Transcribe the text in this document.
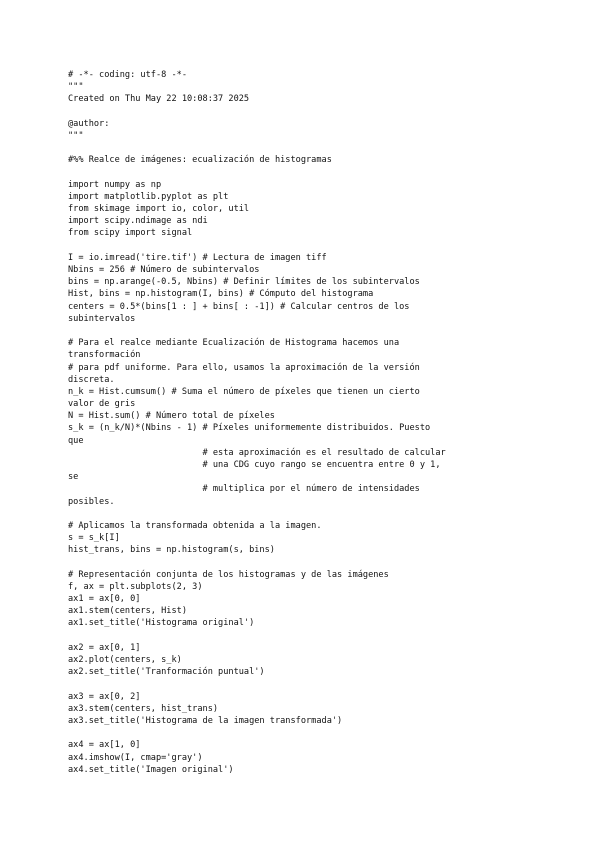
# -*- coding: utf-8 -*-
"""
Created on Thu May 22 10:08:37 2025
@author:
"""
#%% Realce de imágenes: ecualización de histogramas
import numpy as np
import matplotlib.pyplot as plt
from skimage import io, color, util
import scipy.ndimage as ndi
from scipy import signal
I = io.imread('tire.tif') # Lectura de imagen tiff
Nbins = 256 # Número de subintervalos
bins = np.arange(-0.5, Nbins) # Definir límites de los subintervalos
Hist, bins = np.histogram(I, bins) # Cómputo del histograma
centers = 0.5*(bins[1 : ] + bins[ : -1]) # Calcular centros de los
subintervalos
# Para el realce mediante Ecualización de Histograma hacemos una
transformación
# para pdf uniforme. Para ello, usamos la aproximación de la versión
discreta.
n_k = Hist.cumsum() # Suma el número de píxeles que tienen un cierto
valor de gris
N = Hist.sum() # Número total de píxeles
s_k = (n_k/N)*(Nbins - 1) # Píxeles uniformemente distribuidos. Puesto
que
# esta aproximación es el resultado de calcular
# una CDG cuyo rango se encuentra entre 0 y 1,
se
# multiplica por el número de intensidades
posibles.
# Aplicamos la transformada obtenida a la imagen.
s = s_k[I]
hist_trans, bins = np.histogram(s, bins)
# Representación conjunta de los histogramas y de las imágenes
f, ax = plt.subplots(2, 3)
ax1 = ax[0, 0]
ax1.stem(centers, Hist)
ax1.set_title('Histograma original')
ax2 = ax[0, 1]
ax2.plot(centers, s_k)
ax2.set_title('Tranformación puntual')
ax3 = ax[0, 2]
ax3.stem(centers, hist_trans)
ax3.set_title('Histograma de la imagen transformada')
ax4 = ax[1, 0]
ax4.imshow(I, cmap='gray')
ax4.set_title('Imagen original')
